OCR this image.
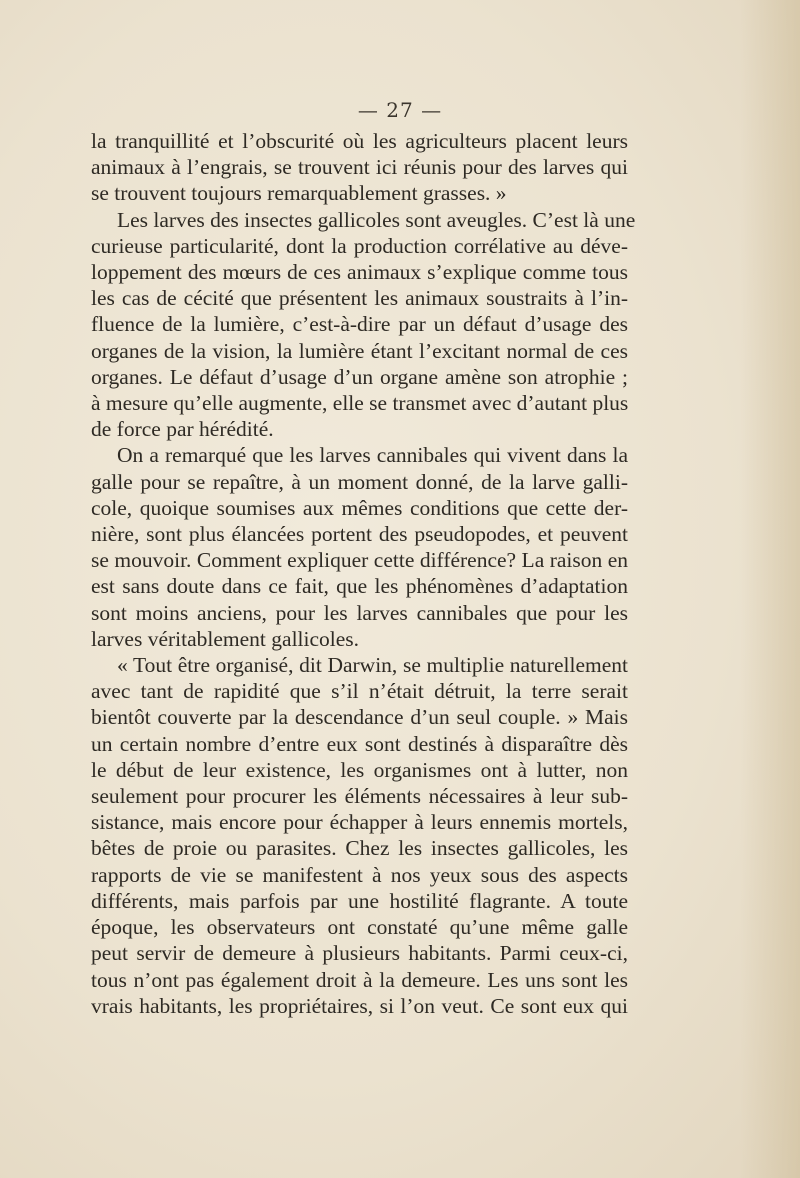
— 27 —
la tranquillité et l’obscurité où les agriculteurs placent leurs
animaux à l’engrais, se trouvent ici réunis pour des larves qui
se trouvent toujours remarquablement grasses. »
Les larves des insectes gallicoles sont aveugles. C’est là une
curieuse particularité, dont la production corrélative au déve-
loppement des mœurs de ces animaux s’explique comme tous
les cas de cécité que présentent les animaux soustraits à l’in-
fluence de la lumière, c’est-à-dire par un défaut d’usage des
organes de la vision, la lumière étant l’excitant normal de ces
organes. Le défaut d’usage d’un organe amène son atrophie ;
à mesure qu’elle augmente, elle se transmet avec d’autant plus
de force par hérédité.
On a remarqué que les larves cannibales qui vivent dans la
galle pour se repaître, à un moment donné, de la larve galli-
cole, quoique soumises aux mêmes conditions que cette der-
nière, sont plus élancées portent des pseudopodes, et peuvent
se mouvoir. Comment expliquer cette différence? La raison en
est sans doute dans ce fait, que les phénomènes d’adaptation
sont moins anciens, pour les larves cannibales que pour les
larves véritablement gallicoles.
« Tout être organisé, dit Darwin, se multiplie naturellement
avec tant de rapidité que s’il n’était détruit, la terre serait
bientôt couverte par la descendance d’un seul couple. » Mais
un certain nombre d’entre eux sont destinés à disparaître dès
le début de leur existence, les organismes ont à lutter, non
seulement pour procurer les éléments nécessaires à leur sub-
sistance, mais encore pour échapper à leurs ennemis mortels,
bêtes de proie ou parasites. Chez les insectes gallicoles, les
rapports de vie se manifestent à nos yeux sous des aspects
différents, mais parfois par une hostilité flagrante. A toute
époque, les observateurs ont constaté qu’une même galle
peut servir de demeure à plusieurs habitants. Parmi ceux-ci,
tous n’ont pas également droit à la demeure. Les uns sont les
vrais habitants, les propriétaires, si l’on veut. Ce sont eux qui
